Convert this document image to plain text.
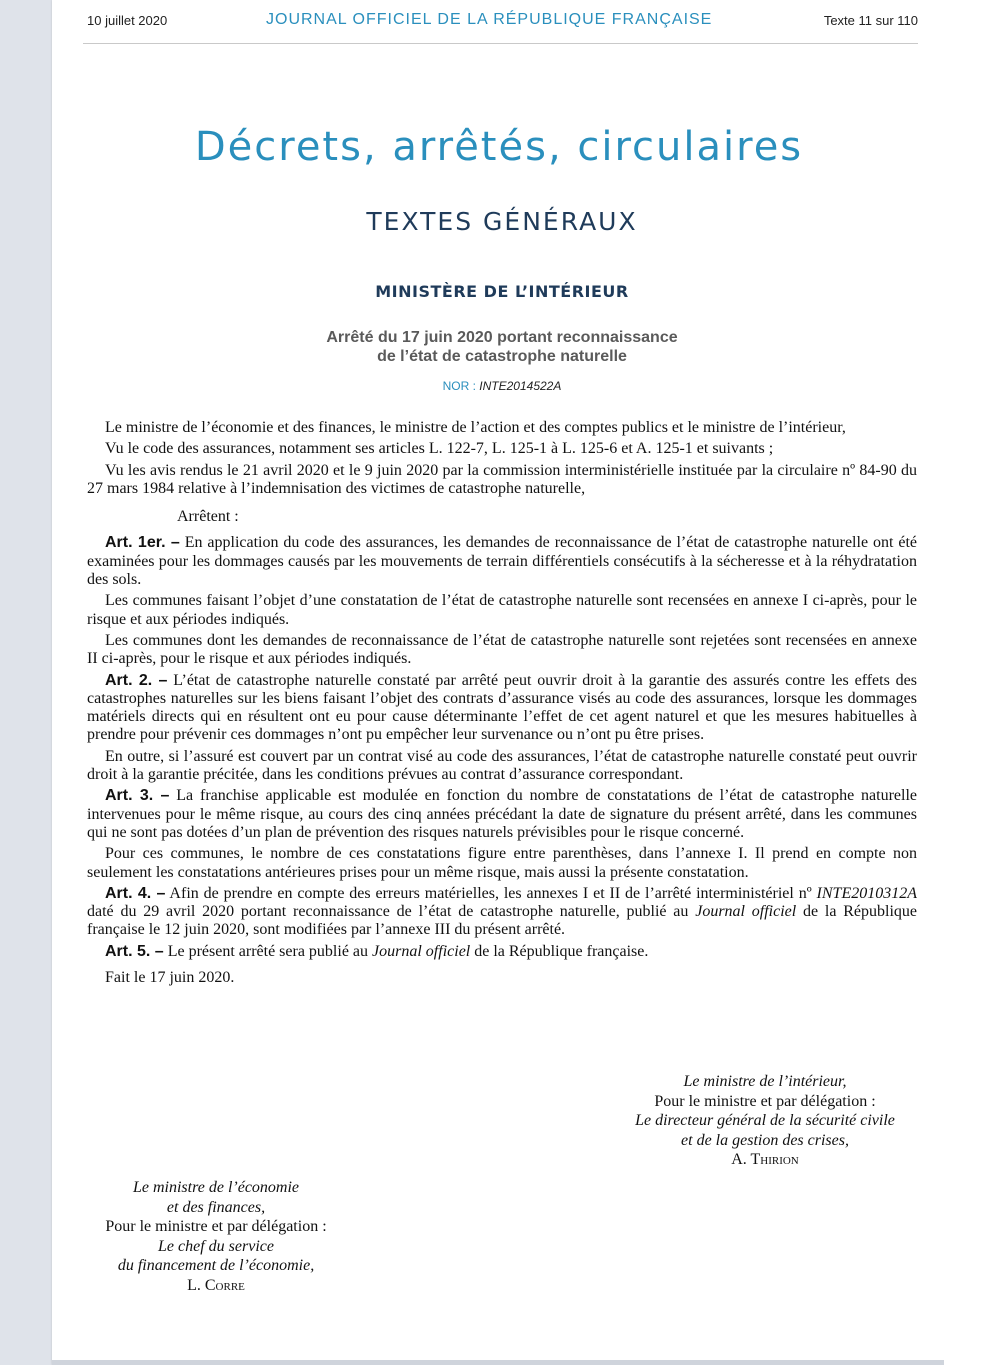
10 juillet 2020	JOURNAL OFFICIEL DE LA RÉPUBLIQUE FRANÇAISE	Texte 11 sur 110
Décrets, arrêtés, circulaires
TEXTES GÉNÉRAUX
MINISTÈRE DE L’INTÉRIEUR
Arrêté du 17 juin 2020 portant reconnaissance
de l’état de catastrophe naturelle
NOR : INTE2014522A

Le ministre de l’économie et des finances, le ministre de l’action et des comptes publics et le ministre de l’intérieur,

Vu le code des assurances, notamment ses articles L. 122-7, L. 125-1 à L. 125-6 et A. 125-1 et suivants ;

Vu les avis rendus le 21 avril 2020 et le 9 juin 2020 par la commission interministérielle instituée par la circulaire nº 84-90 du 27 mars 1984 relative à l’indemnisation des victimes de catastrophe naturelle,

Arrêtent :

Art. 1er. – En application du code des assurances, les demandes de reconnaissance de l’état de catastrophe naturelle ont été examinées pour les dommages causés par les mouvements de terrain différentiels consécutifs à la sécheresse et à la réhydratation des sols.

Les communes faisant l’objet d’une constatation de l’état de catastrophe naturelle sont recensées en annexe I ci-après, pour le risque et aux périodes indiqués.

Les communes dont les demandes de reconnaissance de l’état de catastrophe naturelle sont rejetées sont recensées en annexe II ci-après, pour le risque et aux périodes indiqués.

Art. 2. – L’état de catastrophe naturelle constaté par arrêté peut ouvrir droit à la garantie des assurés contre les effets des catastrophes naturelles sur les biens faisant l’objet des contrats d’assurance visés au code des assurances, lorsque les dommages matériels directs qui en résultent ont eu pour cause déterminante l’effet de cet agent naturel et que les mesures habituelles à prendre pour prévenir ces dommages n’ont pu empêcher leur survenance ou n’ont pu être prises.

En outre, si l’assuré est couvert par un contrat visé au code des assurances, l’état de catastrophe naturelle constaté peut ouvrir droit à la garantie précitée, dans les conditions prévues au contrat d’assurance correspondant.

Art. 3. – La franchise applicable est modulée en fonction du nombre de constatations de l’état de catastrophe naturelle intervenues pour le même risque, au cours des cinq années précédant la date de signature du présent arrêté, dans les communes qui ne sont pas dotées d’un plan de prévention des risques naturels prévisibles pour le risque concerné.

Pour ces communes, le nombre de ces constatations figure entre parenthèses, dans l’annexe I. Il prend en compte non seulement les constatations antérieures prises pour un même risque, mais aussi la présente constatation.

Art. 4. – Afin de prendre en compte des erreurs matérielles, les annexes I et II de l’arrêté interministériel nº INTE2010312A daté du 29 avril 2020 portant reconnaissance de l’état de catastrophe naturelle, publié au Journal officiel de la République française le 12 juin 2020, sont modifiées par l’annexe III du présent arrêté.

Art. 5. – Le présent arrêté sera publié au Journal officiel de la République française.

Fait le 17 juin 2020.

Le ministre de l’intérieur,
Pour le ministre et par délégation :
Le directeur général de la sécurité civile
et de la gestion des crises,
A. Thirion
Le ministre de l’économie
et des finances,
Pour le ministre et par délégation :
Le chef du service
du financement de l’économie,
L. Corre
